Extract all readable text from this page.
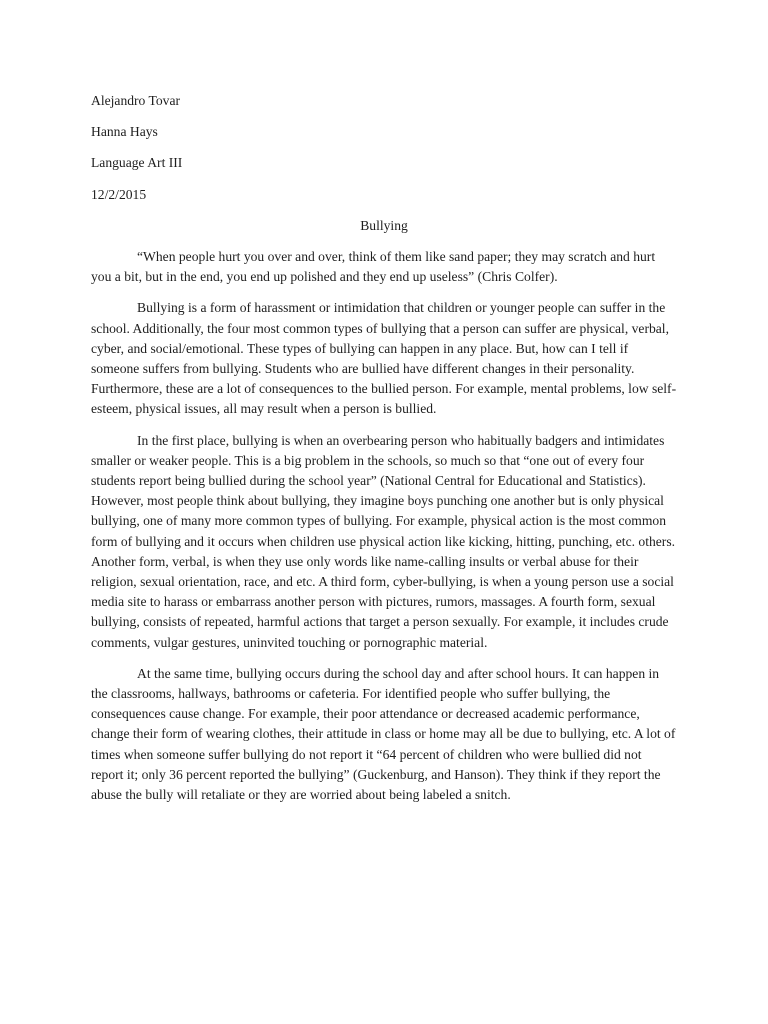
Alejandro Tovar

Hanna Hays

Language Art III

12/2/2015

Bullying

“When people hurt you over and over, think of them like sand paper; they may scratch and hurt you a bit, but in the end, you end up polished and they end up useless” (Chris Colfer).

Bullying is a form of harassment or intimidation that children or younger people can suffer in the school. Additionally, the four most common types of bullying that a person can suffer are physical, verbal, cyber, and social/emotional. These types of bullying can happen in any place. But, how can I tell if someone suffers from bullying. Students who are bullied have different changes in their personality. Furthermore, these are a lot of consequences to the bullied person. For example, mental problems, low self-esteem, physical issues, all may result when a person is bullied.

In the first place, bullying is when an overbearing person who habitually badgers and intimidates smaller or weaker people. This is a big problem in the schools, so much so that “one out of every four students report being bullied during the school year” (National Central for Educational and Statistics). However, most people think about bullying, they imagine boys punching one another but is only physical bullying, one of many more common types of bullying. For example, physical action is the most common form of bullying and it occurs when children use physical action like kicking, hitting, punching, etc. others. Another form, verbal, is when they use only words like name-calling insults or verbal abuse for their religion, sexual orientation, race, and etc. A third form, cyber-bullying, is when a young person use a social media site to harass or embarrass another person with pictures, rumors, massages. A fourth form, sexual bullying, consists of repeated, harmful actions that target a person sexually. For example, it includes crude comments, vulgar gestures, uninvited touching or pornographic material.

At the same time, bullying occurs during the school day and after school hours. It can happen in the classrooms, hallways, bathrooms or cafeteria. For identified people who suffer bullying, the consequences cause change. For example, their poor attendance or decreased academic performance, change their form of wearing clothes, their attitude in class or home may all be due to bullying, etc. A lot of times when someone suffer bullying do not report it “64 percent of children who were bullied did not report it; only 36 percent reported the bullying” (Guckenburg, and Hanson). They think if they report the abuse the bully will retaliate or they are worried about being labeled a snitch.
